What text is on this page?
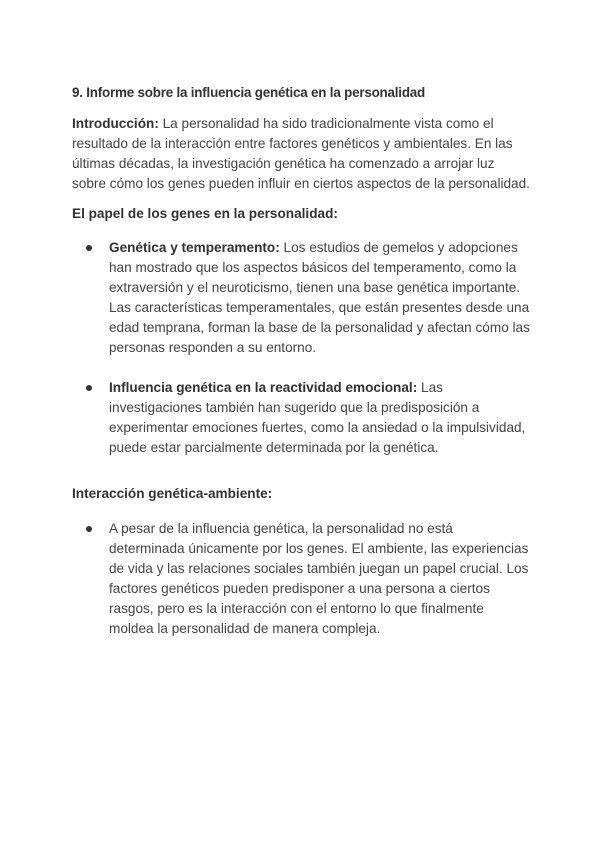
9. Informe sobre la influencia genética en la personalidad

Introducción: La personalidad ha sido tradicionalmente vista como el resultado de la interacción entre factores genéticos y ambientales. En las últimas décadas, la investigación genética ha comenzado a arrojar luz sobre cómo los genes pueden influir en ciertos aspectos de la personalidad.

El papel de los genes en la personalidad:

Genética y temperamento: Los estudios de gemelos y adopciones han mostrado que los aspectos básicos del temperamento, como la extraversión y el neuroticismo, tienen una base genética importante. Las características temperamentales, que están presentes desde una edad temprana, forman la base de la personalidad y afectan cómo las personas responden a su entorno.
Influencia genética en la reactividad emocional: Las investigaciones también han sugerido que la predisposición a experimentar emociones fuertes, como la ansiedad o la impulsividad, puede estar parcialmente determinada por la genética.

Interacción genética-ambiente:

A pesar de la influencia genética, la personalidad no está determinada únicamente por los genes. El ambiente, las experiencias de vida y las relaciones sociales también juegan un papel crucial. Los factores genéticos pueden predisponer a una persona a ciertos rasgos, pero es la interacción con el entorno lo que finalmente moldea la personalidad de manera compleja.
